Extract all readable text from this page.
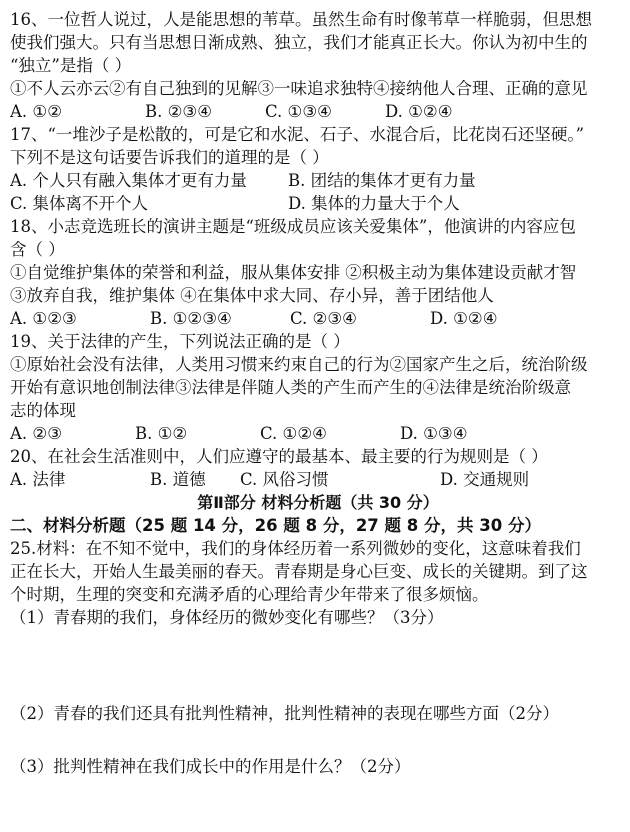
16、一位哲人说过，人是能思想的苇草。虽然生命有时像苇草一样脆弱，但思想
使我们强大。只有当思想日渐成熟、独立，我们才能真正长大。你认为初中生的
“独立”是指（ ）
①不人云亦云②有自己独到的见解③一味追求独特④接纳他人合理、正确的意见
A. ①②	B. ②③④	C. ①③④	D. ①②④
17、“一堆沙子是松散的，可是它和水泥、石子、水混合后，比花岗石还坚硬。”
下列不是这句话要告诉我们的道理的是（ ）
A. 个人只有融入集体才更有力量	B. 团结的集体才更有力量
C. 集体离不开个人	D. 集体的力量大于个人
18、小志竞选班长的演讲主题是“班级成员应该关爱集体”，他演讲的内容应包
含（ ）
①自觉维护集体的荣誉和利益，服从集体安排 ②积极主动为集体建设贡献才智
③放弃自我，维护集体 ④在集体中求大同、存小异，善于团结他人
A. ①②③	B. ①②③④	C. ②③④	D. ①②④
19、关于法律的产生，下列说法正确的是（ ）
①原始社会没有法律，人类用习惯来约束自己的行为②国家产生之后，统治阶级
开始有意识地创制法律③法律是伴随人类的产生而产生的④法律是统治阶级意
志的体现
A. ②③	B. ①②	C. ①②④	D. ①③④
20、在社会生活准则中，人们应遵守的最基本、最主要的行为规则是（ ）
A. 法律	B. 道德	C. 风俗习惯	D. 交通规则
第Ⅱ部分 材料分析题（共 30 分）
二、材料分析题（25 题 14 分，26 题 8 分，27 题 8 分，共 30 分）
25.材料：在不知不觉中，我们的身体经历着一系列微妙的变化，这意味着我们
正在长大，开始人生最美丽的春天。青春期是身心巨变、成长的关键期。到了这
个时期，生理的突变和充满矛盾的心理给青少年带来了很多烦恼。
（1）青春期的我们，身体经历的微妙变化有哪些？（3分）
（2）青春的我们还具有批判性精神，批判性精神的表现在哪些方面（2分）
（3）批判性精神在我们成长中的作用是什么？（2分）
